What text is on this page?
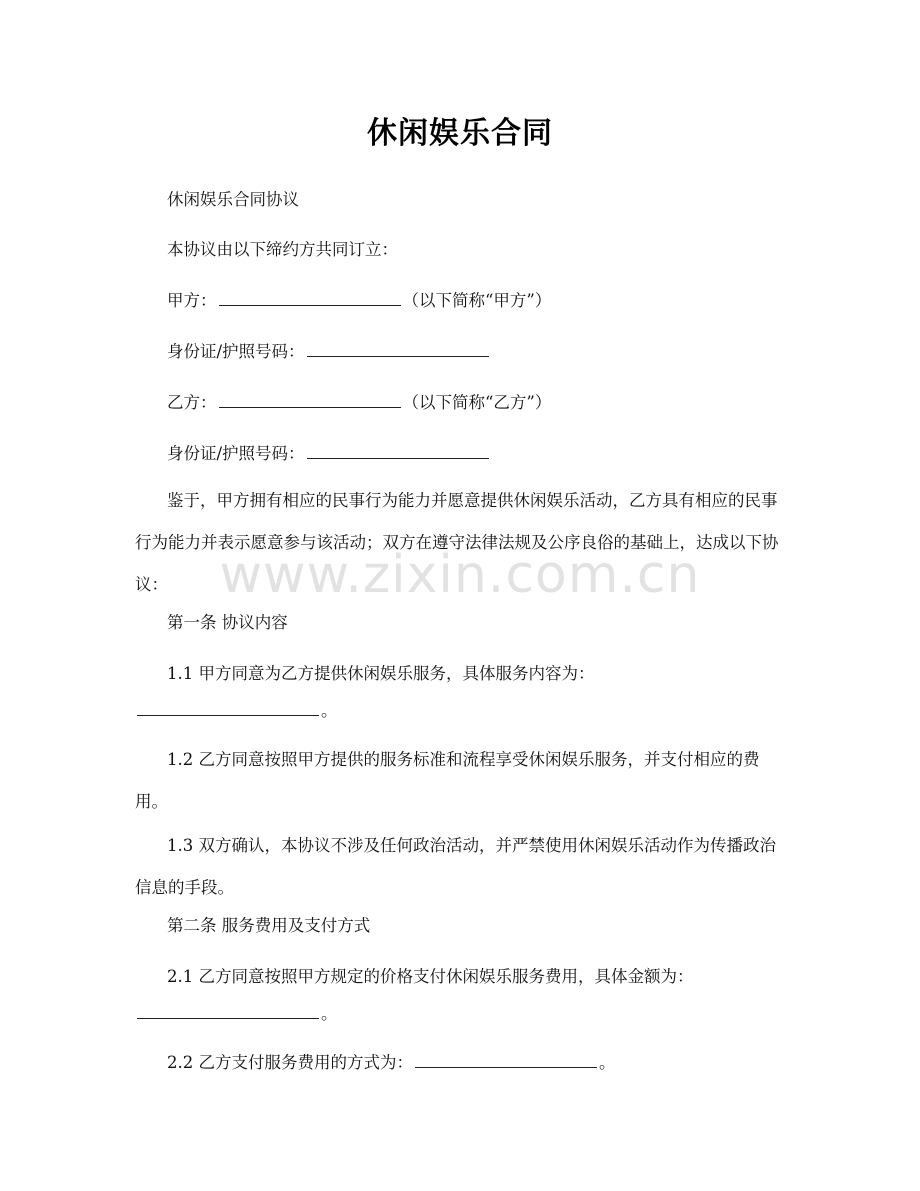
休闲娱乐合同
休闲娱乐合同协议
本协议由以下缔约方共同订立：
甲方：	（以下简称“甲方”）
身份证/护照号码：
乙方：	（以下简称“乙方”）
身份证/护照号码：
鉴于，甲方拥有相应的民事行为能力并愿意提供休闲娱乐活动，乙方具有相应的民事行为能力并表示愿意参与该活动；双方在遵守法律法规及公序良俗的基础上，达成以下协议：
第一条 协议内容
1.1 甲方同意为乙方提供休闲娱乐服务，具体服务内容为：
。
1.2 乙方同意按照甲方提供的服务标准和流程享受休闲娱乐服务，并支付相应的费用。
1.3 双方确认，本协议不涉及任何政治活动，并严禁使用休闲娱乐活动作为传播政治信息的手段。
第二条 服务费用及支付方式
2.1 乙方同意按照甲方规定的价格支付休闲娱乐服务费用，具体金额为：
。
2.2 乙方支付服务费用的方式为：	。
www.zixin.com.cn
